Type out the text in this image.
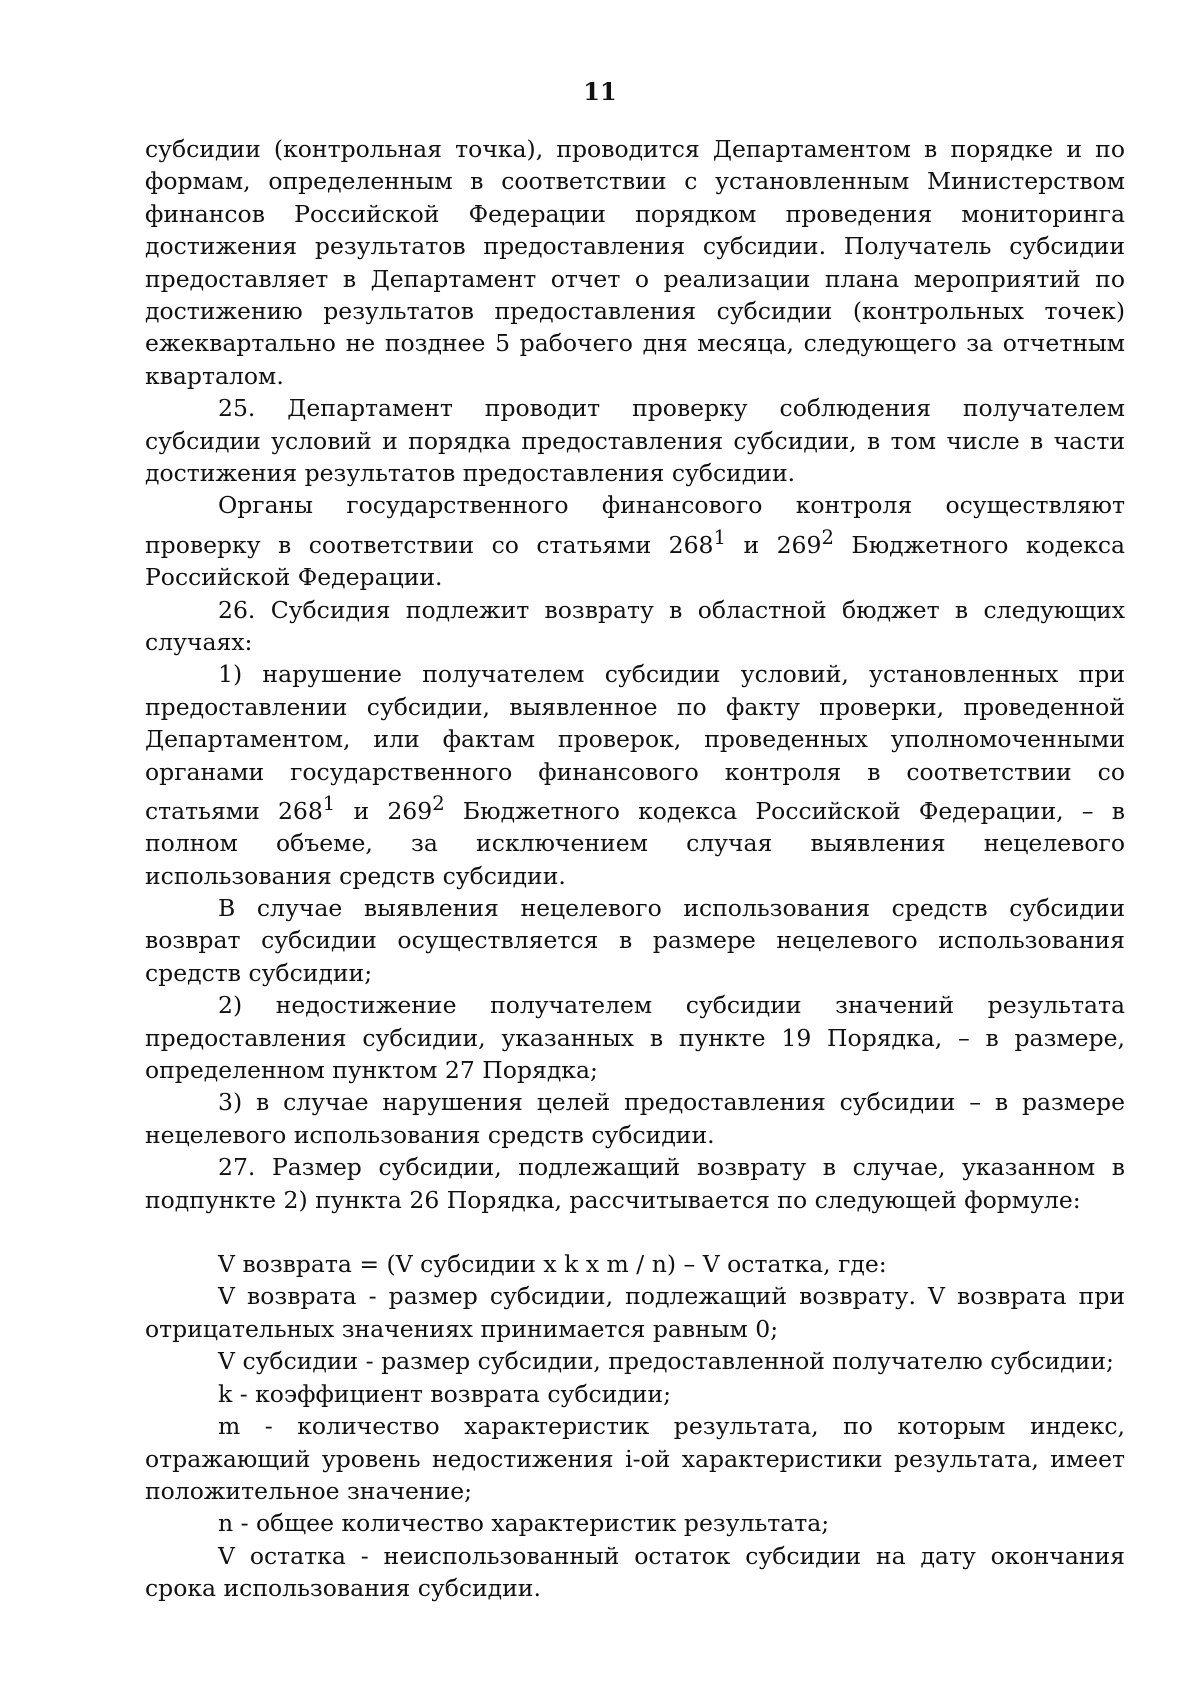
11

субсидии (контрольная точка), проводится Департаментом в порядке и по формам, определенным в соответствии с установленным Министерством финансов Российской Федерации порядком проведения мониторинга достижения результатов предоставления субсидии. Получатель субсидии предоставляет в Департамент отчет о реализации плана мероприятий по достижению результатов предоставления субсидии (контрольных точек) ежеквартально не позднее 5 рабочего дня месяца, следующего за отчетным кварталом.

25. Департамент проводит проверку соблюдения получателем субсидии условий и порядка предоставления субсидии, в том числе в части достижения результатов предоставления субсидии.

Органы государственного финансового контроля осуществляют проверку в соответствии со статьями $268^1$ и $269^2$ Бюджетного кодекса Российской Федерации.

26. Субсидия подлежит возврату в областной бюджет в следующих случаях:

1) нарушение получателем субсидии условий, установленных при предоставлении субсидии, выявленное по факту проверки, проведенной Департаментом, или фактам проверок, проведенных уполномоченными органами государственного финансового контроля в соответствии со статьями $268^1$ и $269^2$ Бюджетного кодекса Российской Федерации, – в полном объеме, за исключением случая выявления нецелевого использования средств субсидии.

В случае выявления нецелевого использования средств субсидии возврат субсидии осуществляется в размере нецелевого использования средств субсидии;

2) недостижение получателем субсидии значений результата предоставления субсидии, указанных в пункте 19 Порядка, – в размере, определенном пунктом 27 Порядка;

3) в случае нарушения целей предоставления субсидии – в размере нецелевого использования средств субсидии.

27. Размер субсидии, подлежащий возврату в случае, указанном в подпункте 2) пункта 26 Порядка, рассчитывается по следующей формуле:

V возврата = (V субсидии x k x m / n) – V остатка, где:

V возврата - размер субсидии, подлежащий возврату. V возврата при отрицательных значениях принимается равным 0;

V субсидии - размер субсидии, предоставленной получателю субсидии;

k - коэффициент возврата субсидии;

m - количество характеристик результата, по которым индекс, отражающий уровень недостижения i-ой характеристики результата, имеет положительное значение;

n - общее количество характеристик результата;

V остатка - неиспользованный остаток субсидии на дату окончания срока использования субсидии.
